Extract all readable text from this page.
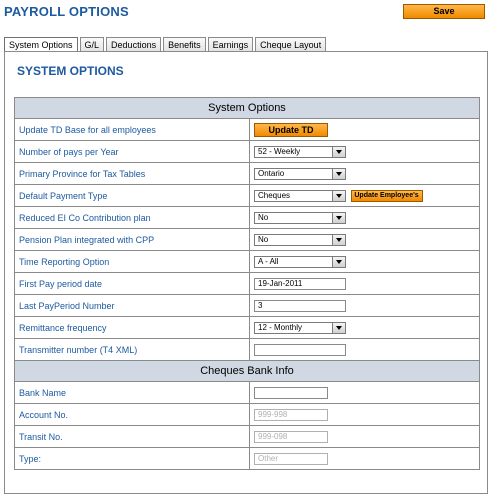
PAYROLL OPTIONS	Save
System Options	G/L	Deductions	Benefits	Earnings	Cheque Layout
SYSTEM OPTIONS
System Options	
Update TD Base for all employees	Update TD
Number of pays per Year	52 - Weekly

Primary Province for Tax Tables	Ontario

Default Payment Type	Cheques Update Employee's
Reduced EI Co Contribution plan	No

Pension Plan integrated with CPP	No

Time Reporting Option	A - All

First Pay period date	19-Jan-2011
Last PayPeriod Number	3
Remittance frequency	12 - Monthly

Transmitter number (T4 XML)	
Cheques Bank Info	
Bank Name	
Account No.	999-998
Transit No.	999-098
Type:	Other
